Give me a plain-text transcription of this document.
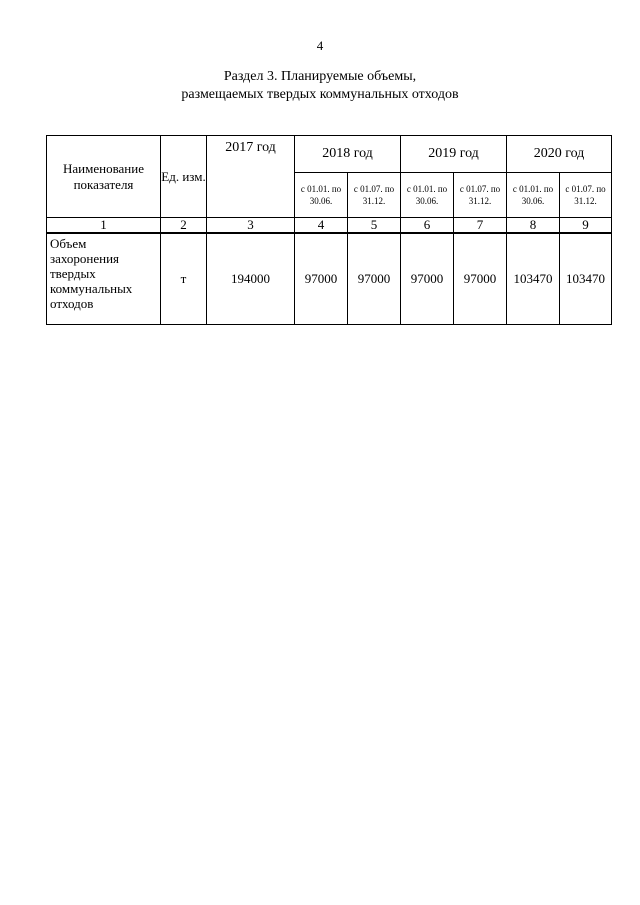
4
Раздел 3. Планируемые объемы,
размещаемых твердых коммунальных отходов
Наименование показателя	Ед. изм.	2017 год	2018 год		2019 год		2020 год	
			с 01.01. по 30.06.	с 01.07. по 31.12.	с 01.01. по 30.06.	с 01.07. по 31.12.	с 01.01. по 30.06.	с 01.07. по 31.12.
1	2	3	4	5	6	7	8	9

Объем
захоронения
твердых
коммунальных
отходов	т	194000	97000	97000	97000	97000	103470	103470
